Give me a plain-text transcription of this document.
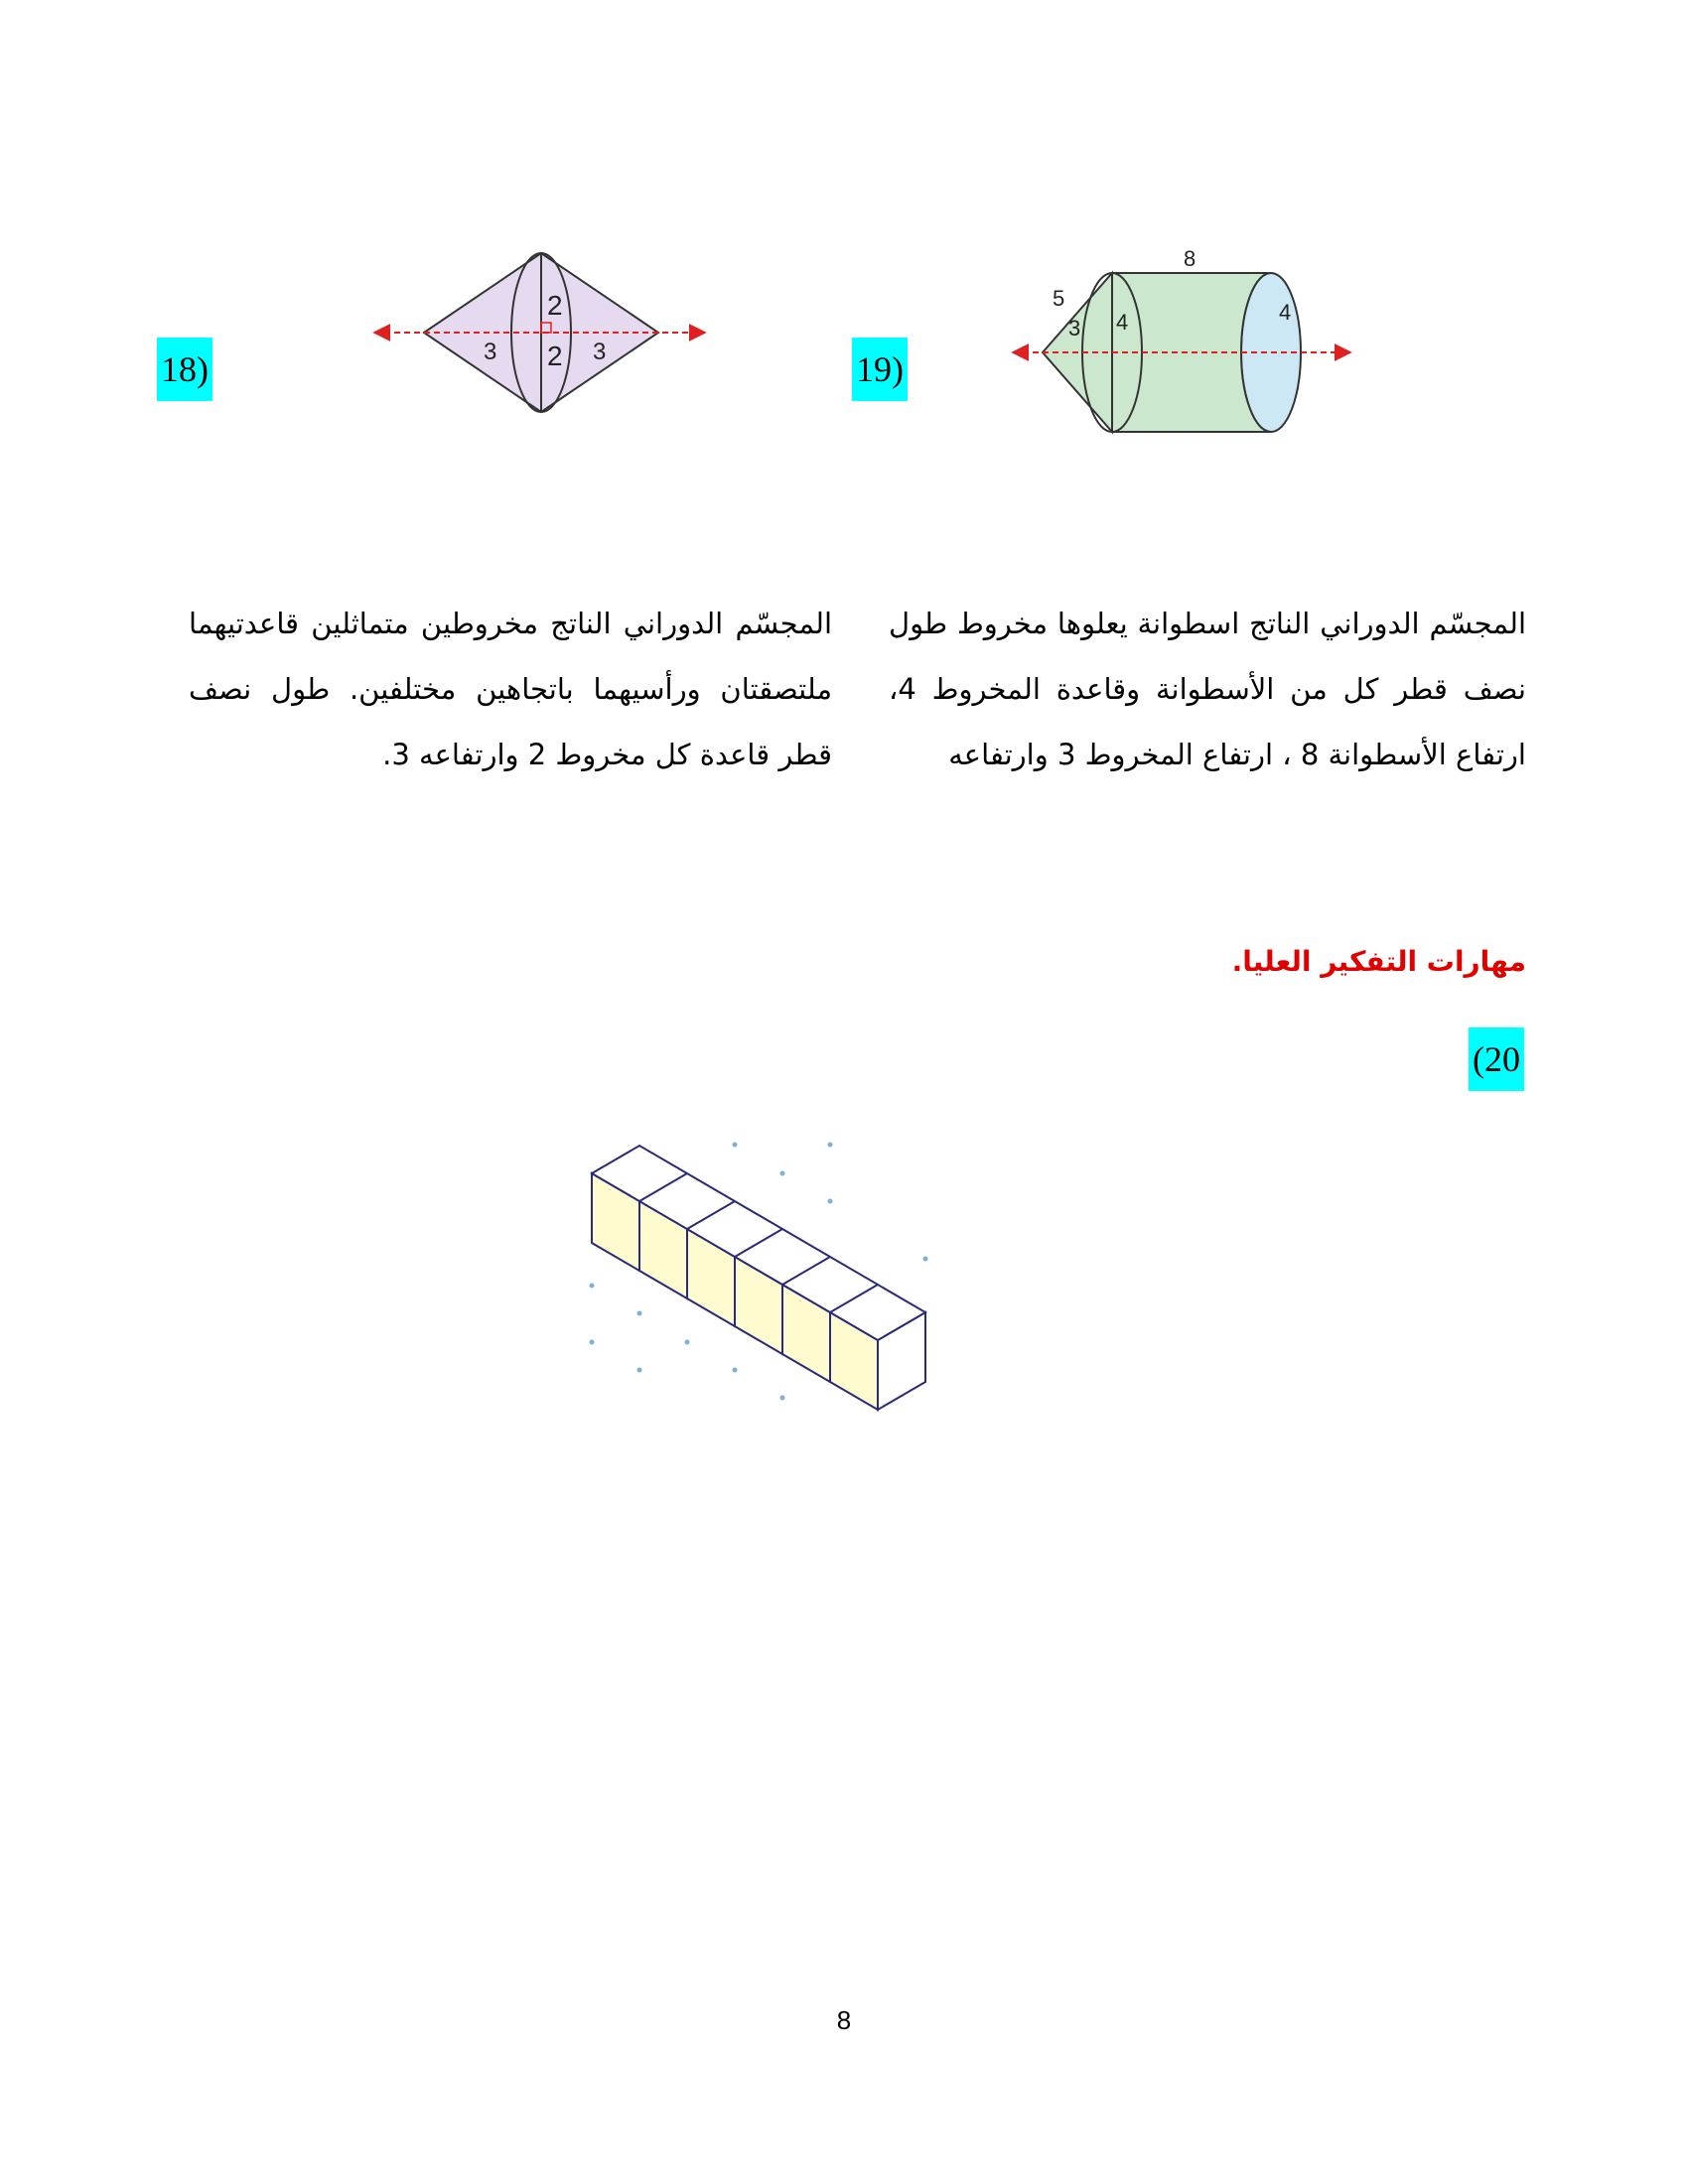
18)
2
2
3	3	19)
8
5
3 4	4

المجسّم الدوراني الناتج مخروطين متماثلين قاعدتيهما ملتصقتان ورأسيهما باتجاهين مختلفين. طول نصف قطر قاعدة كل مخروط 2 وارتفاعه 3.

المجسّم الدوراني الناتج اسطوانة يعلوها مخروط طول نصف قطر كل من الأسطوانة وقاعدة المخروط 4، ارتفاع الأسطوانة 8 ، ارتفاع المخروط 3 وارتفاعه

مهارات التفكير العليا.

(20
8
